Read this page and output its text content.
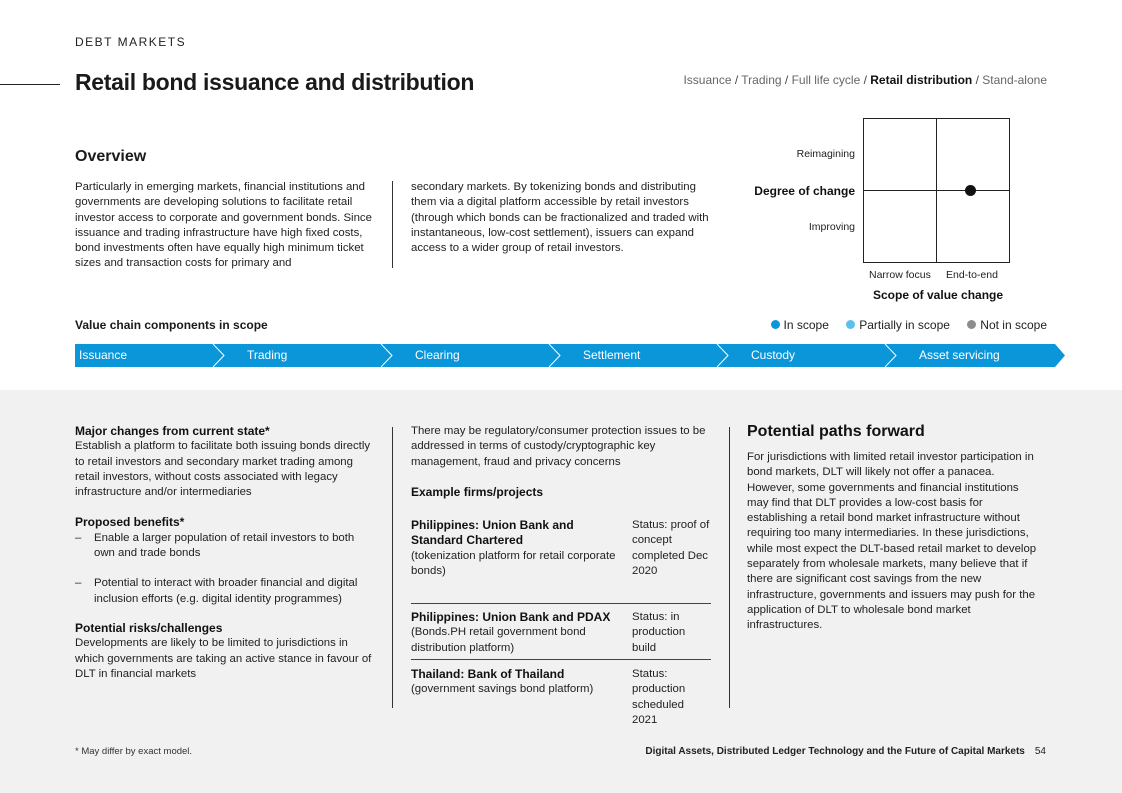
DEBT MARKETS
Retail bond issuance and distribution	Issuance / Trading / Full life cycle / Retail distribution / Stand-alone
Overview

Particularly in emerging markets, financial institutions and governments are developing solutions to facilitate retail investor access to corporate and government bonds. Since issuance and trading infrastructure have high fixed costs, bond investments often have equally high minimum ticket sizes and transaction costs for primary and

secondary markets. By tokenizing bonds and distributing them via a digital platform accessible by retail investors (through which bonds can be fractionalized and traded with instantaneous, low-cost settlement), issuers can expand access to a wider group of retail investors.

Reimagining
Degree of change
Improving
Narrow focus End-to-end
Scope of value change
Value chain components in scope	In scope	Partially in scope	Not in scope
Issuance	Trading	Clearing	Settlement	Custody	Asset servicing
Major changes from current state*

Establish a platform to facilitate both issuing bonds directly to retail investors and secondary market trading among retail investors, without costs associated with legacy infrastructure and/or intermediaries

Proposed benefits*
– Enable a larger population of retail investors to both own and trade bonds
– Potential to interact with broader financial and digital inclusion efforts (e.g. digital identity programmes)
Potential risks/challenges

Developments are likely to be limited to jurisdictions in which governments are taking an active stance in favour of DLT in financial markets

There may be regulatory/consumer protection issues to be addressed in terms of custody/cryptographic key management, fraud and privacy concerns

Example firms/projects
Philippines: Union Bank and Standard Chartered
(tokenization platform for retail corporate bonds)
Status: proof of concept completed Dec 2020
Philippines: Union Bank and PDAX
(Bonds.PH retail government bond distribution platform)
Status: in production build
Thailand: Bank of Thailand
(government savings bond platform)
Status: production scheduled 2021
Potential paths forward

For jurisdictions with limited retail investor participation in bond markets, DLT will likely not offer a panacea. However, some governments and financial institutions may find that DLT provides a low-cost basis for establishing a retail bond market infrastructure without requiring too many intermediaries. In these jurisdictions, while most expect the DLT-based retail market to develop separately from wholesale markets, many believe that if there are significant cost savings from the new infrastructure, governments and issuers may push for the application of DLT to wholesale bond market infrastructures.

* May differ by exact model.	Digital Assets, Distributed Ledger Technology and the Future of Capital Markets 54
